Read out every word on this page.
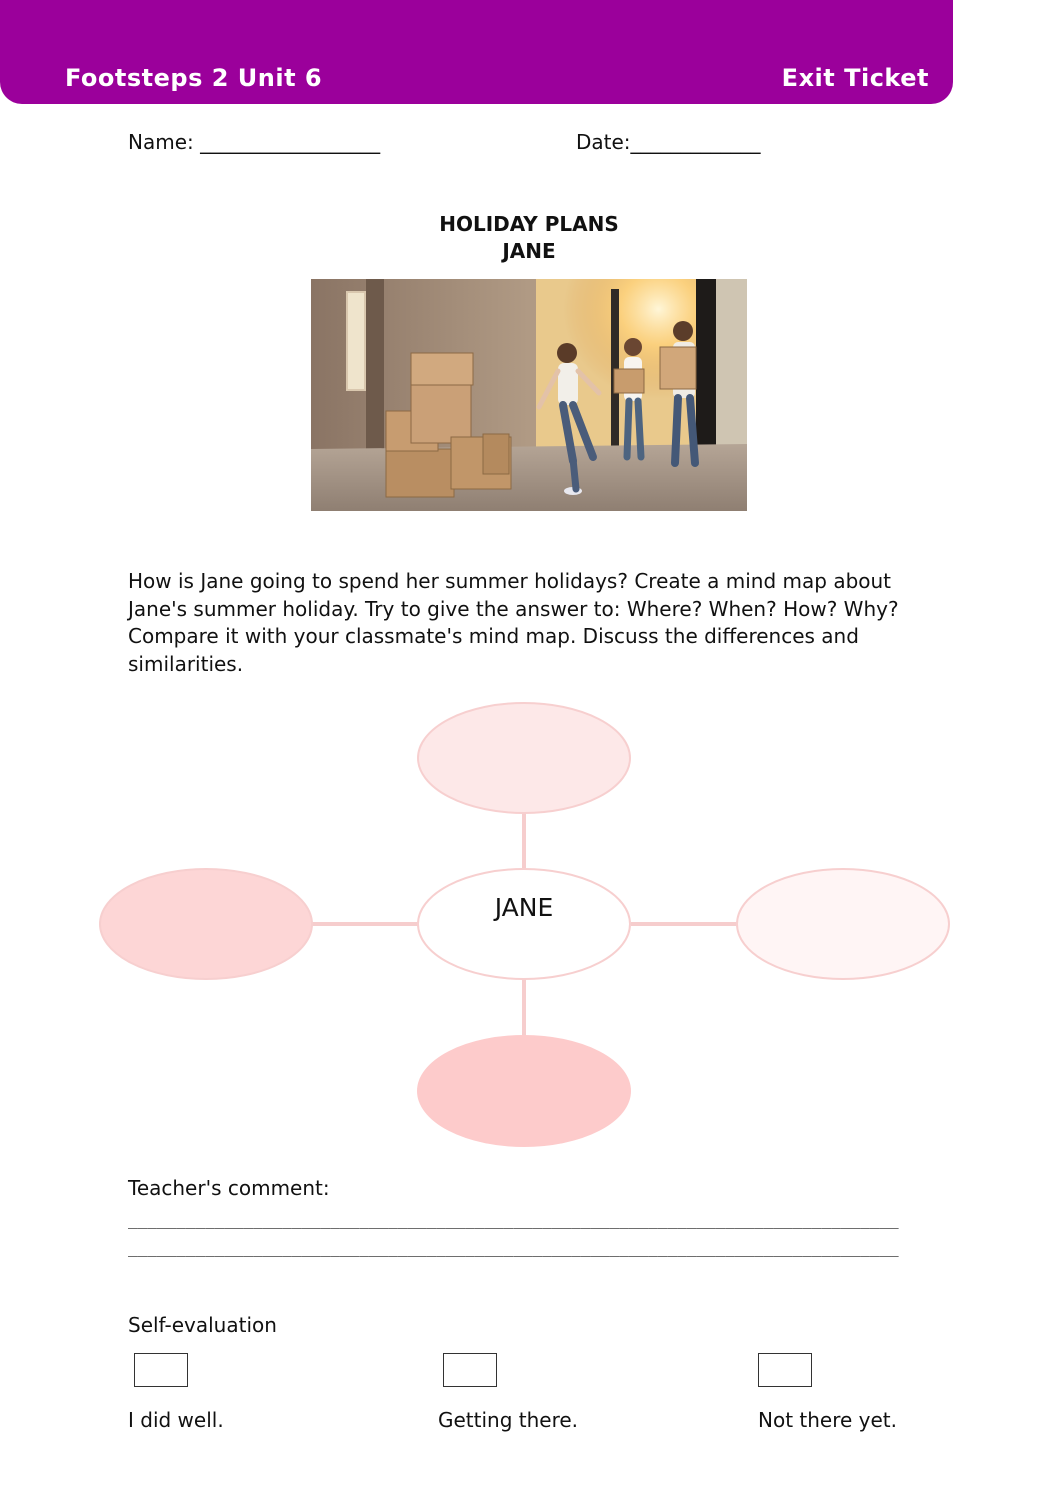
Footsteps 2 Unit 6	Exit Ticket
Name: __________________	Date:_____________
HOLIDAY PLANS
JANE
How is Jane going to spend her summer holidays? Create a mind map about Jane's summer holiday. Try to give the answer to: Where? When? How? Why? Compare it with your classmate's mind map. Discuss the differences and similarities.
JANE
Teacher's comment:
________________________________________________________________________________
________________________________________________________________________________
Self-evaluation
I did well.	Getting there.	Not there yet.
